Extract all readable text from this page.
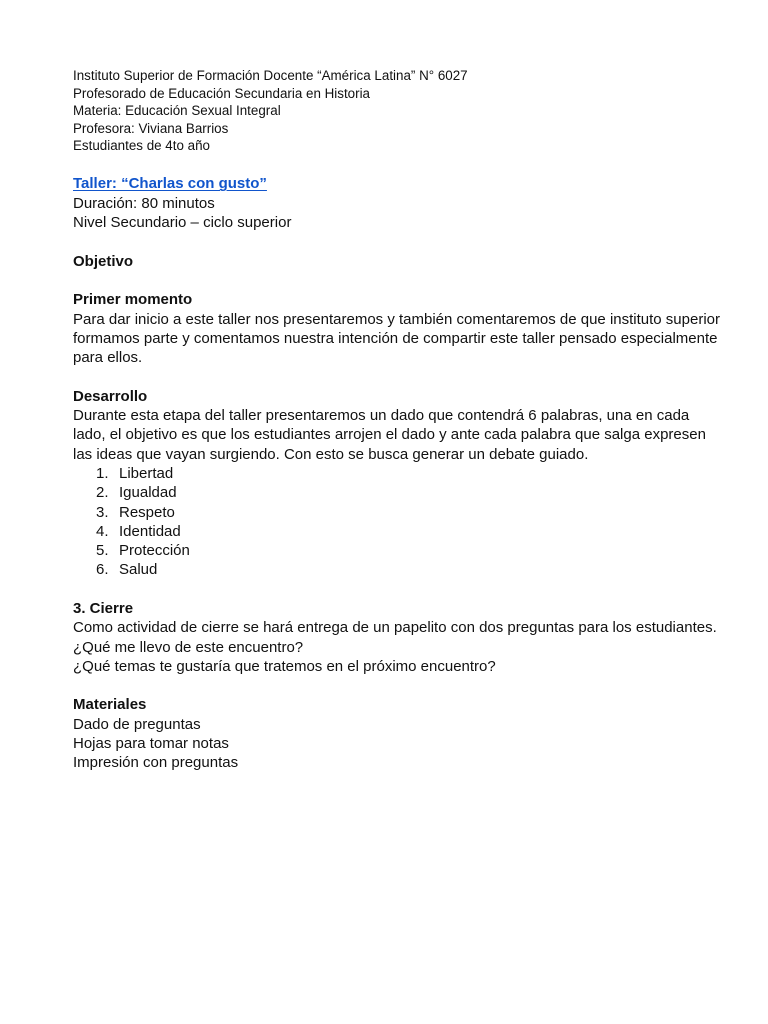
Instituto Superior de Formación Docente “América Latina” N° 6027
Profesorado de Educación Secundaria en Historia
Materia: Educación Sexual Integral
Profesora: Viviana Barrios
Estudiantes de 4to año
Taller: “Charlas con gusto”
Duración: 80 minutos
Nivel Secundario – ciclo superior
Objetivo
Primer momento
Para dar inicio a este taller nos presentaremos y también comentaremos de que instituto superior formamos parte y comentamos nuestra intención de compartir este taller pensado especialmente para ellos.
Desarrollo
Durante esta etapa del taller presentaremos un dado que contendrá 6 palabras, una en cada lado, el objetivo es que los estudiantes arrojen el dado y ante cada palabra que salga expresen las ideas que vayan surgiendo. Con esto se busca generar un debate guiado.
1. Libertad
2. Igualdad
3. Respeto
4. Identidad
5. Protección
6. Salud
3. Cierre
Como actividad de cierre se hará entrega de un papelito con dos preguntas para los estudiantes.
¿Qué me llevo de este encuentro?
¿Qué temas te gustaría que tratemos en el próximo encuentro?
Materiales
Dado de preguntas
Hojas para tomar notas
Impresión con preguntas
